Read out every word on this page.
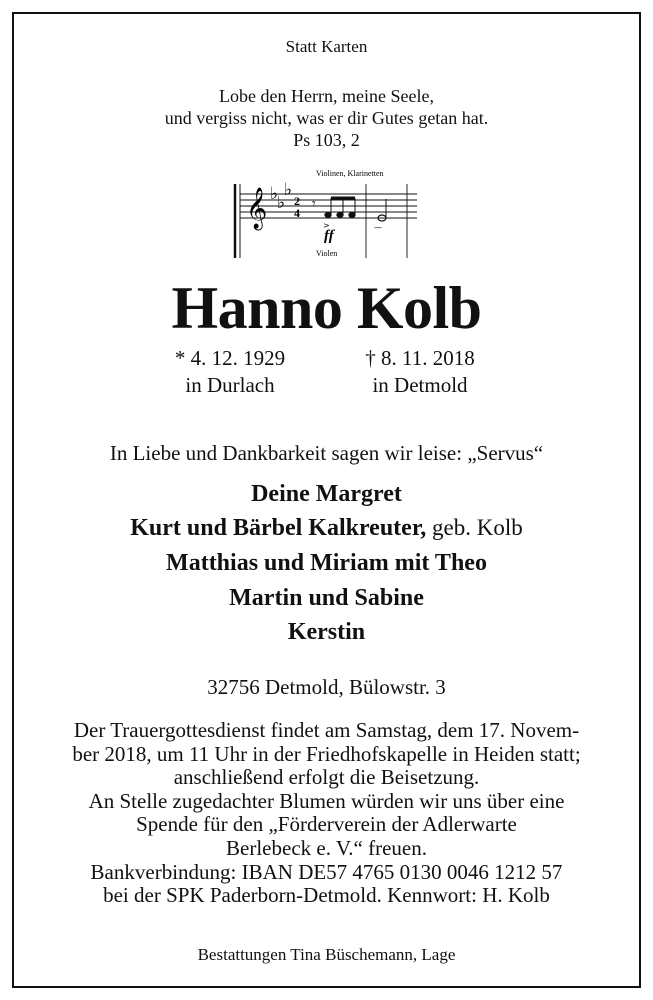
Statt Karten
Lobe den Herrn, meine Seele,
und vergiss nicht, was er dir Gutes getan hat.
Ps 103, 2
Violinen, Klarinetten
𝄞 ♭
♭
♭
2
4
𝄾
>
ff
—
Violen
Hanno Kolb
* 4. 12. 1929
in Durlach
† 8. 11. 2018
in Detmold
In Liebe und Dankbarkeit sagen wir leise: „Servus“
Deine Margret
Kurt und Bärbel Kalkreuter, geb. Kolb
Matthias und Miriam mit Theo
Martin und Sabine
Kerstin
32756 Detmold, Bülowstr. 3
Der Trauergottesdienst findet am Samstag, dem 17. Novem-
ber 2018, um 11 Uhr in der Friedhofskapelle in Heiden statt;
anschließend erfolgt die Beisetzung.
An Stelle zugedachter Blumen würden wir uns über eine
Spende für den „Förderverein der Adlerwarte
Berlebeck e. V.“ freuen.
Bankverbindung: IBAN DE57 4765 0130 0046 1212 57
bei der SPK Paderborn-Detmold. Kennwort: H. Kolb
Bestattungen Tina Büschemann, Lage
